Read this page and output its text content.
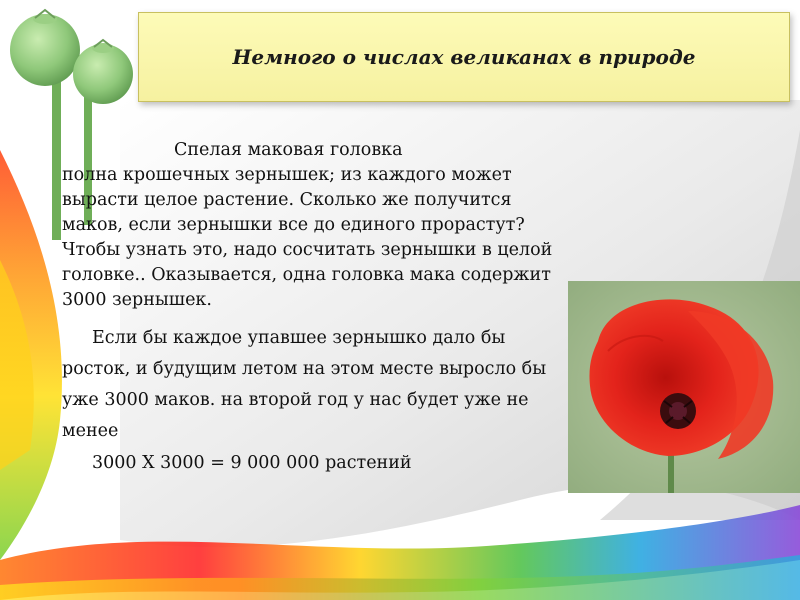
Немного о числах великанах в природе

Спелая маковая головка
полна крошечных зернышек; из каждого может вырасти целое растение. Сколько же получится маков, если зернышки все до единого прорастут? Чтобы узнать это, надо сосчитать зернышки в целой головке.. Оказывается, одна головка мака содержит 3000 зернышек.

Если бы каждое упавшее зернышко дало бы росток, и будущим летом на этом месте выросло бы уже 3000 маков. на второй год у нас будет уже не менее

3000 Х 3000 = 9 000 000 растений
